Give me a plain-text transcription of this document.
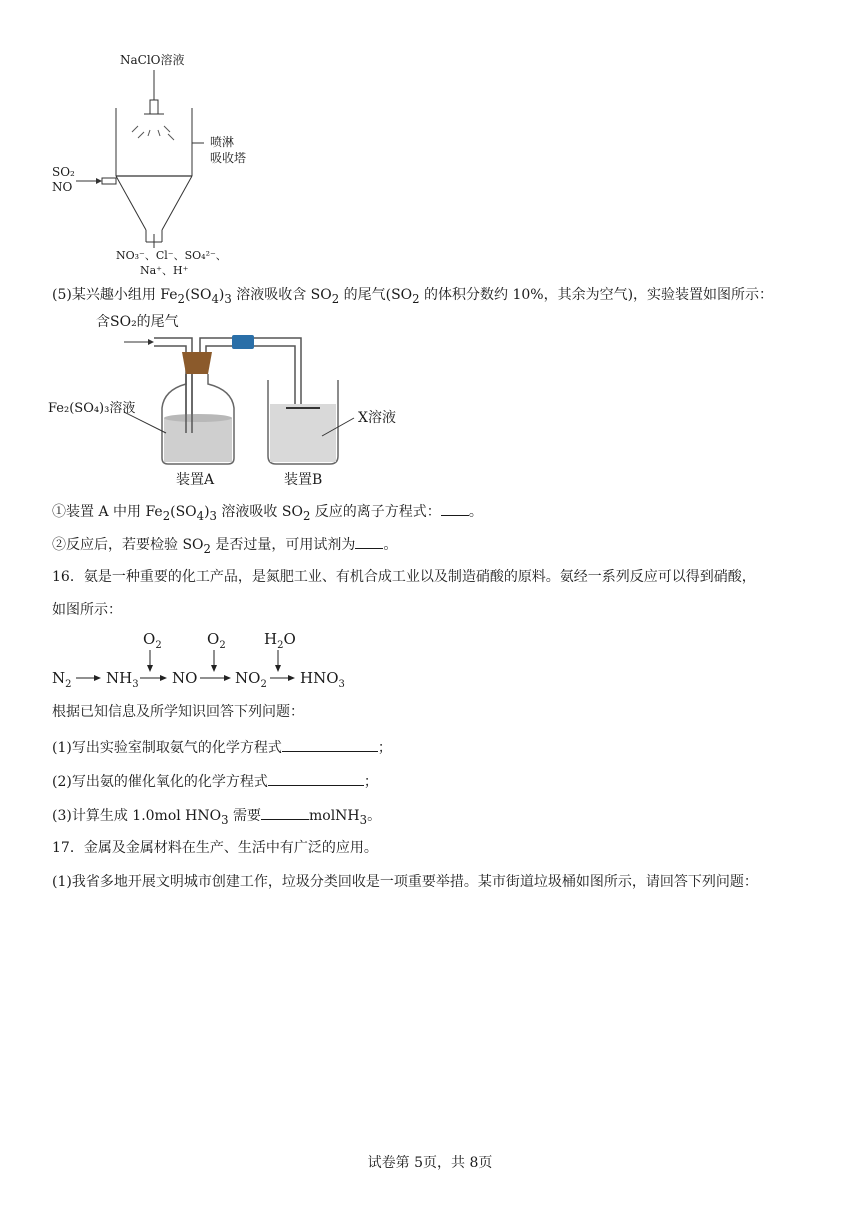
NaClO溶液
SO₂
NO
喷淋
吸收塔
NO₃⁻、Cl⁻、SO₄²⁻、
Na⁺、H⁺
(5)某兴趣小组用 $Fe_2(SO_4)_3$ 溶液吸收含 $SO_2$ 的尾气($SO_2$ 的体积分数约 10%，其余为空气)，实验装置如图所示：
含SO₂的尾气
Fe₂(SO₄)₃溶液
X溶液
装置A	装置B
①装置 A 中用 $Fe_2(SO_4)_3$ 溶液吸收 $SO_2$ 反应的离子方程式： 。
②反应后，若要检验 $SO_2$ 是否过量，可用试剂为 。
16．氨是一种重要的化工产品，是氮肥工业、有机合成工业以及制造硝酸的原料。氨经一系列反应可以得到硝酸，
如图所示：
$O_2$	$O_2$	$H_2O$
$N_2$ $NH_3$ NO	$NO_2$ $HNO_3$
根据已知信息及所学知识回答下列问题：
(1)写出实验室制取氨气的化学方程式	；
(2)写出氨的催化氧化的化学方程式	；
(3)计算生成 1.0mol $HNO_3$ 需要	molNH$_3$。
17．金属及金属材料在生产、生活中有广泛的应用。
(1)我省多地开展文明城市创建工作，垃圾分类回收是一项重要举措。某市街道垃圾桶如图所示，请回答下列问题：
试卷第 5页，共 8页
